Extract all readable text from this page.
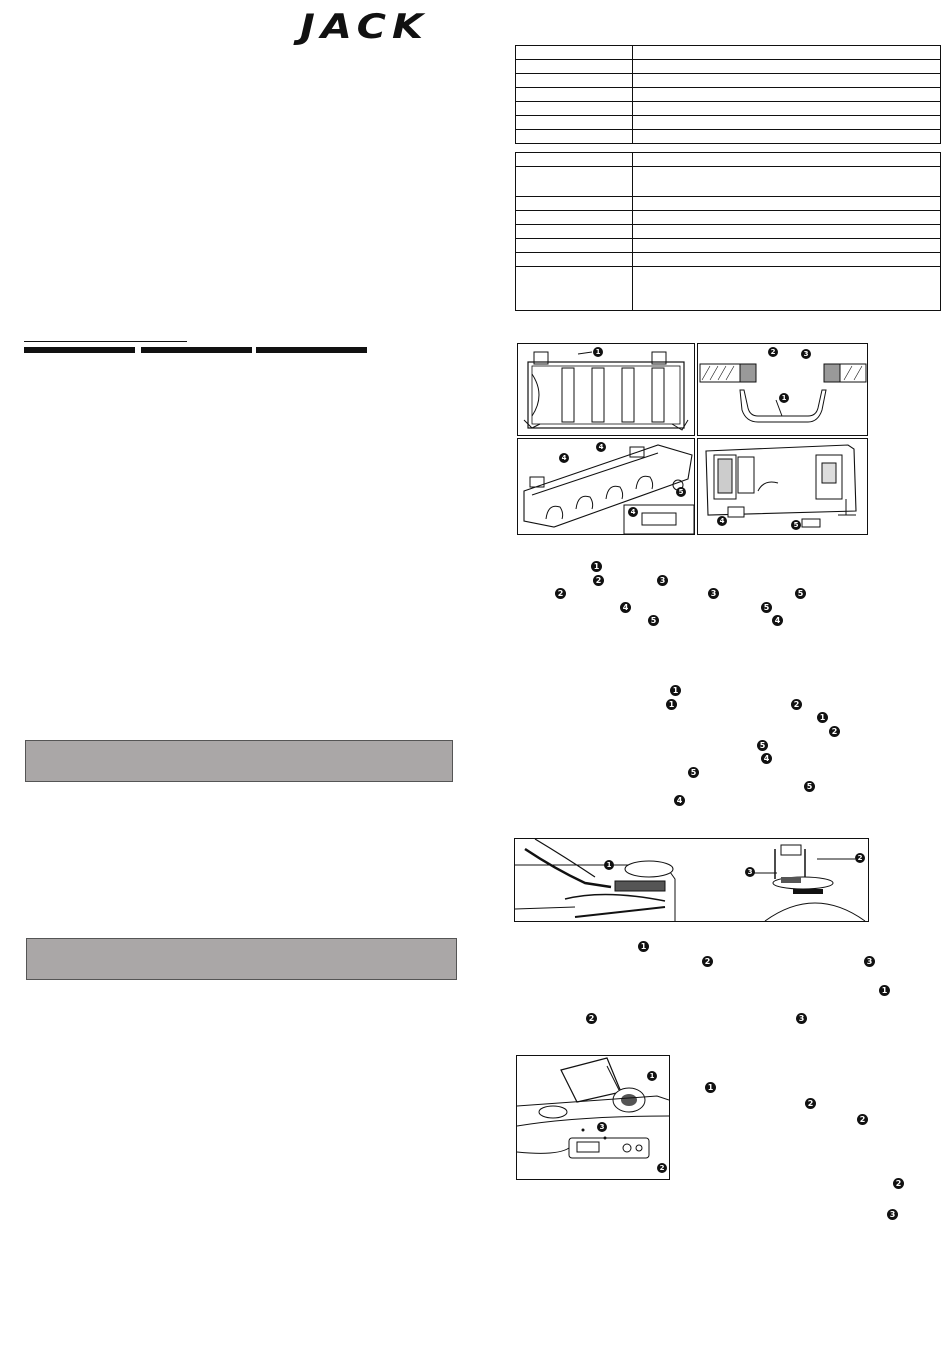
JACK

1	2	3
1
4
4
5
4
4	5
1
2	3
2	3	5
4	5
5	4
1
1	2
1
2
5
4
5
5
4
1
2
3
1
2	3
1
2	3
1
3
2
1
2
2
2
3
